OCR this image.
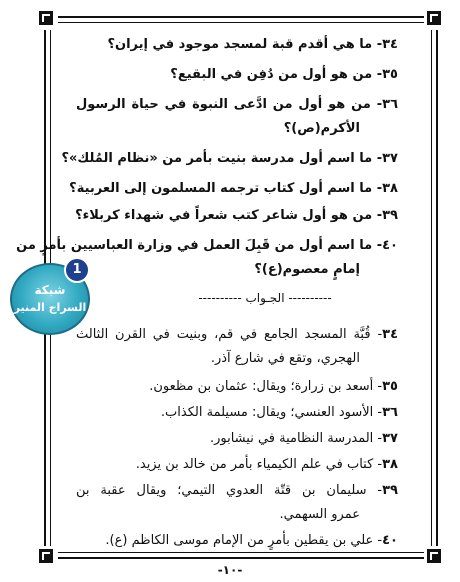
٣٤- ما هي أقدم قبة لمسجد موجود في إيران؟
٣٥- من هو أول من دُفِن في البقيع؟
٣٦- من هو أول من ادَّعى النبوة في حياة الرسول
الأكرم(ص)؟
٣٧- ما اسم أول مدرسة بنيت بأمر من «نظام المُلك»؟
٣٨- ما اسم أول كتاب ترجمه المسلمون إلى العربية؟
٣٩- من هو أول شاعر كتب شعراً في شهداء كربلاء؟
٤٠- ما اسم أول من قَبِلَ العمل في وزارة العباسيين بأمرٍ من
إمامٍ معصوم(ع)؟
---------- الجـواب ----------
٣٤- قُبَّة المسجد الجامع في قم، وبنيت في القرن الثالث
الهجري، وتقع في شارع آذر.
٣٥- أسعد بن زرارة؛ ويقال: عثمان بن مظعون.
٣٦- الأسود العنسي؛ ويقال: مسيلمة الكذاب.
٣٧- المدرسة النظامية في نيشابور.
٣٨- كتاب في علم الكيمياء بأمر من خالد بن يزيد.
٣٩- سليمان بن قتّة العدوي التيمي؛ ويقال عقبة بن
عمرو السهمي.
٤٠- علي بن يقطين بأمرٍ من الإمام موسى الكاظم (ع).
1
شبكة
السراج المنير
-١٠-
